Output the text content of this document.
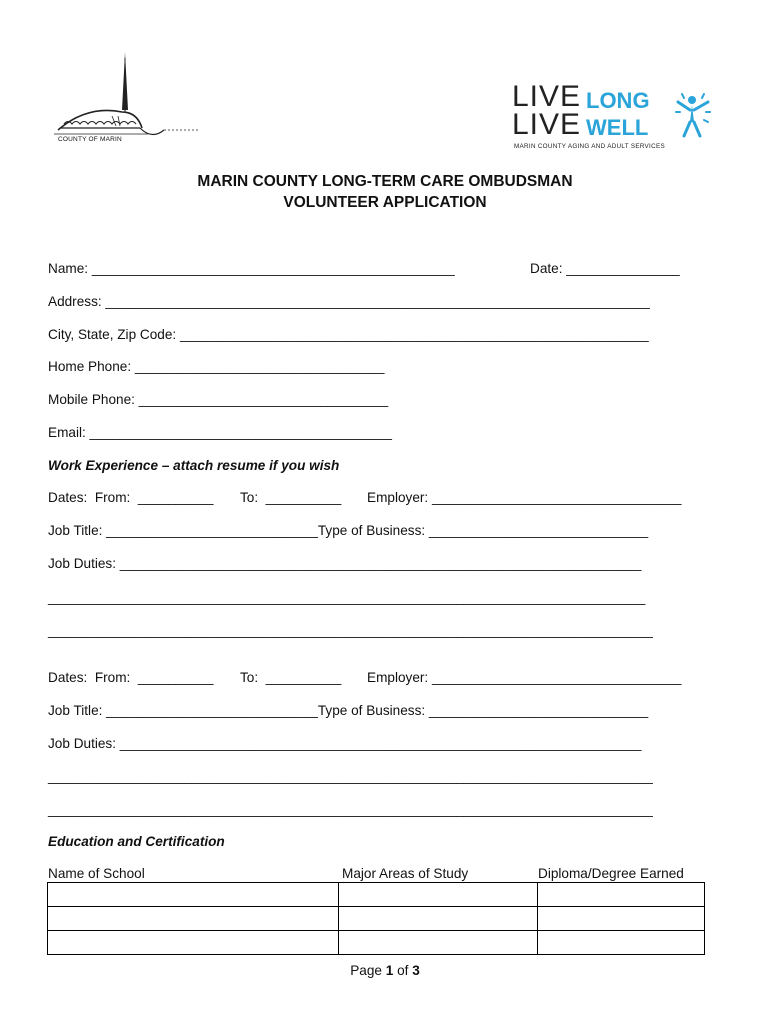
COUNTY OF MARIN
LIVE LONG
LIVE WELL
MARIN COUNTY AGING AND ADULT SERVICES
MARIN COUNTY LONG-TERM CARE OMBUDSMAN
VOLUNTEER APPLICATION
Name: ________________________________________________	Date: _______________
Address: ________________________________________________________________________
City, State, Zip Code: ______________________________________________________________
Home Phone: _________________________________
Mobile Phone: _________________________________
Email: ________________________________________
Work Experience – attach resume if you wish
Dates:  From:  __________ To:  __________ Employer: _________________________________
Job Title: ____________________________Type of Business: _____________________________
Job Duties: _____________________________________________________________________
_______________________________________________________________________________
________________________________________________________________________________
Dates:  From:  __________ To:  __________ Employer: _________________________________
Job Title: ____________________________Type of Business: _____________________________
Job Duties: _____________________________________________________________________
________________________________________________________________________________
________________________________________________________________________________
Education and Certification
Name of School	Major Areas of Study	Diploma/Degree Earned

Page 1 of 3
